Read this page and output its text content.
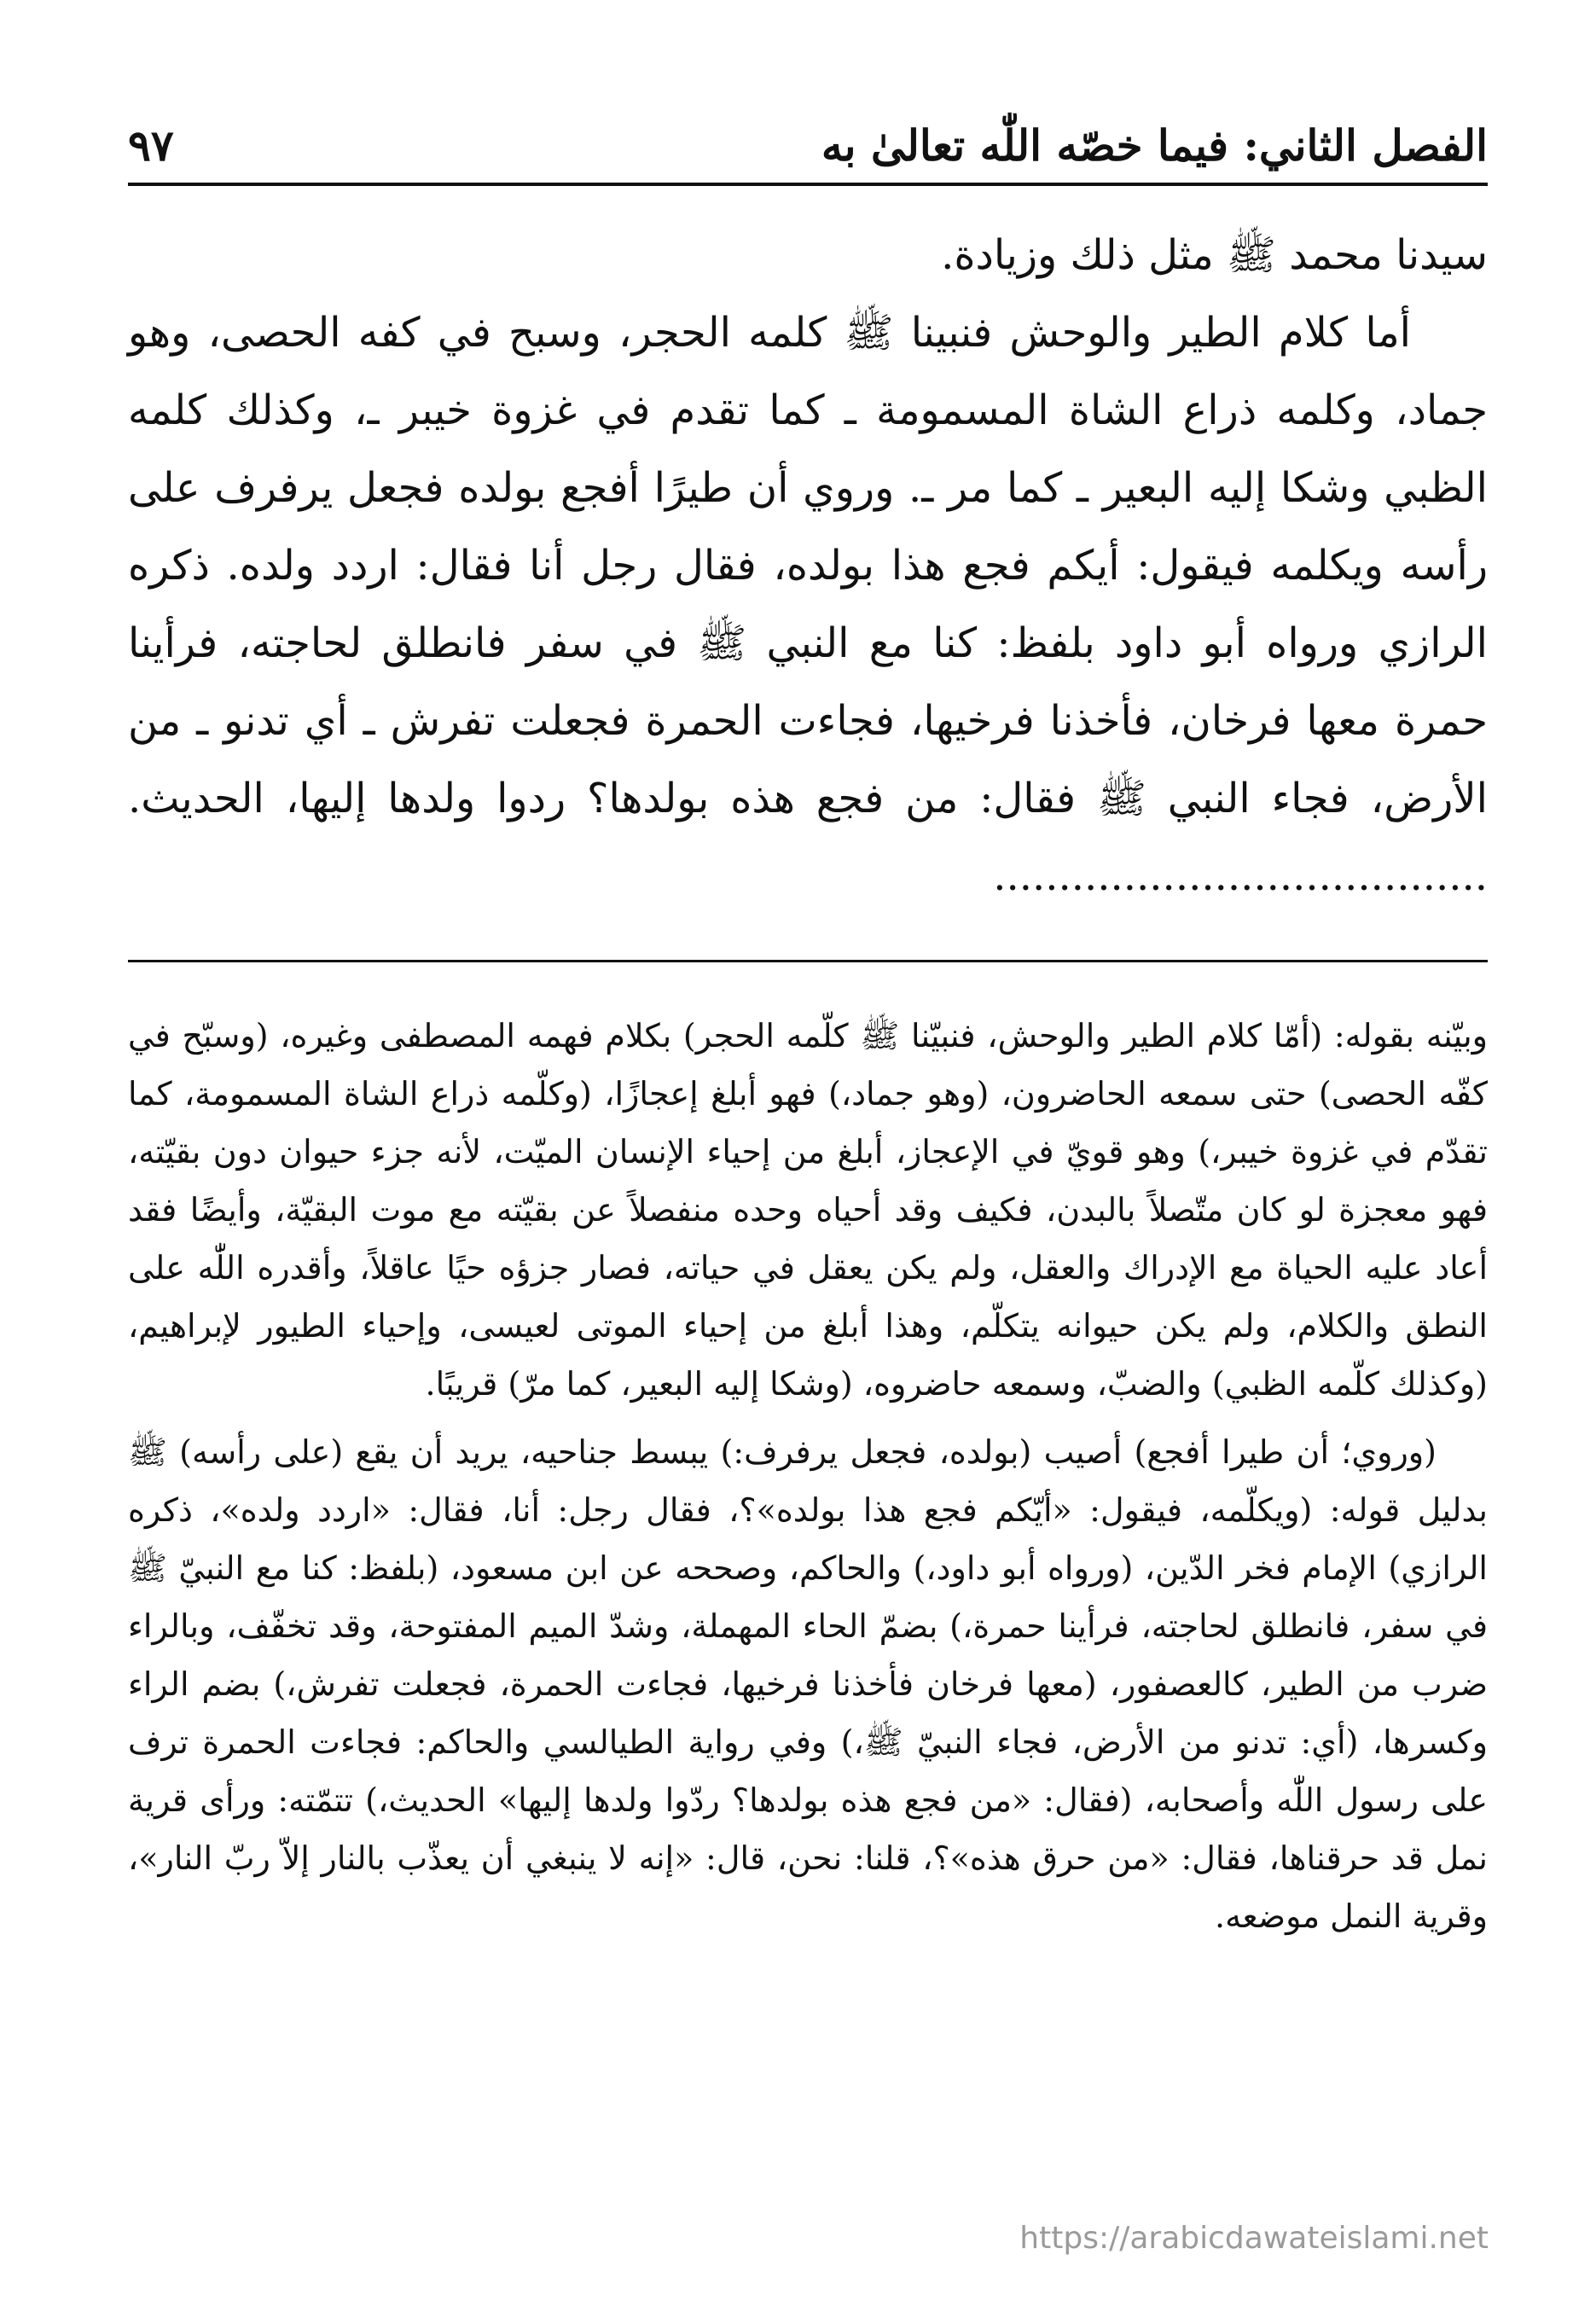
الفصل الثاني: فيما خصّه اللّٰه تعالىٰ به
٩٧

سيدنا محمد ﷺ مثل ذلك وزيادة.

أما كلام الطير والوحش فنبينا ﷺ كلمه الحجر، وسبح في كفه الحصى، وهو جماد، وكلمه ذراع الشاة المسمومة ـ كما تقدم في غزوة خيبر ـ، وكذلك كلمه الظبي وشكا إليه البعير ـ كما مر ـ. وروي أن طيرًا أفجع بولده فجعل يرفرف على رأسه ويكلمه فيقول: أيكم فجع هذا بولده، فقال رجل أنا فقال: اردد ولده. ذكره الرازي ورواه أبو داود بلفظ: كنا مع النبي ﷺ في سفر فانطلق لحاجته، فرأينا حمرة معها فرخان، فأخذنا فرخيها، فجاءت الحمرة فجعلت تفرش ـ أي تدنو ـ من الأرض، فجاء النبي ﷺ فقال: من فجع هذه بولدها؟ ردوا ولدها إليها، الحديث. ......................................

وبيّنه بقوله: (أمّا كلام الطير والوحش، فنبيّنا ﷺ كلّمه الحجر) بكلام فهمه المصطفى وغيره، (وسبّح في كفّه الحصى) حتى سمعه الحاضرون، (وهو جماد،) فهو أبلغ إعجازًا، (وكلّمه ذراع الشاة المسمومة، كما تقدّم في غزوة خيبر،) وهو قويّ في الإعجاز، أبلغ من إحياء الإنسان الميّت، لأنه جزء حيوان دون بقيّته، فهو معجزة لو كان متّصلاً بالبدن، فكيف وقد أحياه وحده منفصلاً عن بقيّته مع موت البقيّة، وأيضًا فقد أعاد عليه الحياة مع الإدراك والعقل، ولم يكن يعقل في حياته، فصار جزؤه حيًا عاقلاً، وأقدره اللّٰه على النطق والكلام، ولم يكن حيوانه يتكلّم، وهذا أبلغ من إحياء الموتى لعيسى، وإحياء الطيور لإبراهيم، (وكذلك كلّمه الظبي) والضبّ، وسمعه حاضروه، (وشكا إليه البعير، كما مرّ) قريبًا.

(وروي؛ أن طيرا أفجع) أصيب (بولده، فجعل يرفرف:) يبسط جناحيه، يريد أن يقع (على رأسه) ﷺ بدليل قوله: (ويكلّمه، فيقول: «أيّكم فجع هذا بولده»؟، فقال رجل: أنا، فقال: «اردد ولده»، ذكره الرازي) الإمام فخر الدّين، (ورواه أبو داود،) والحاكم، وصححه عن ابن مسعود، (بلفظ: كنا مع النبيّ ﷺ في سفر، فانطلق لحاجته، فرأينا حمرة،) بضمّ الحاء المهملة، وشدّ الميم المفتوحة، وقد تخفّف، وبالراء ضرب من الطير، كالعصفور، (معها فرخان فأخذنا فرخيها، فجاءت الحمرة، فجعلت تفرش،) بضم الراء وكسرها، (أي: تدنو من الأرض، فجاء النبيّ ﷺ،) وفي رواية الطيالسي والحاكم: فجاءت الحمرة ترف على رسول اللّٰه وأصحابه، (فقال: «من فجع هذه بولدها؟ ردّوا ولدها إليها» الحديث،) تتمّته: ورأى قرية نمل قد حرقناها، فقال: «من حرق هذه»؟، قلنا: نحن، قال: «إنه لا ينبغي أن يعذّب بالنار إلاّ ربّ النار»، وقرية النمل موضعه.

https://arabicdawateislami.net
